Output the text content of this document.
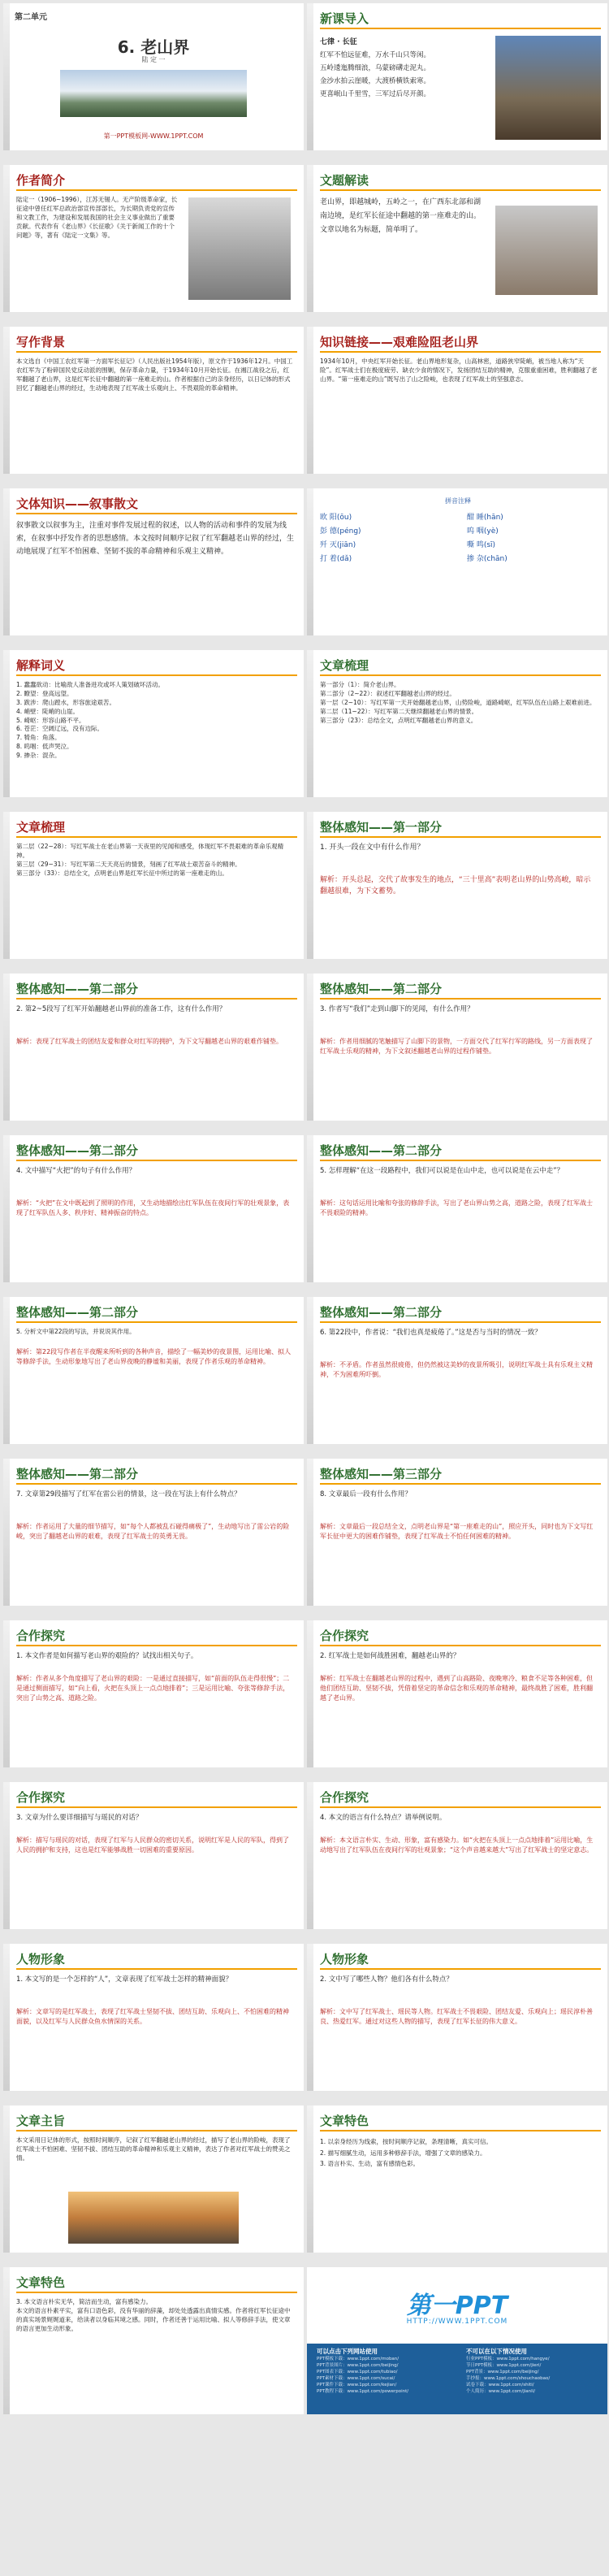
第二单元
6. 老山界
陆 定 一
第一PPT模板网-WWW.1PPT.COM
新课导入
七律 · 长征
红军不怕远征难，万水千山只等闲。
五岭逶迤腾细浪，乌蒙磅礴走泥丸。
金沙水拍云崖暖，大渡桥横铁索寒。
更喜岷山千里雪，三军过后尽开颜。
作者简介
陆定一（1906~1996），江苏无锡人。无产阶级革命家，长征途中曾任红军总政治部宣传部部长，为长期负责党的宣传和文教工作，为建设和发展我国的社会主义事业做出了重要贡献。代表作有《老山界》《长征歌》《关于新闻工作的十个问题》等，著有《陆定一文集》等。
文题解读
老山界，即越城岭，五岭之一，在广西东北部和湖南边境，是红军长征途中翻越的第一座难走的山。文章以地名为标题，简单明了。
写作背景
本文选自《中国工农红军第一方面军长征记》（人民出版社1954年版），原文作于1936年12月。中国工农红军为了粉碎国民党反动派的围剿，保存革命力量，于1934年10月开始长征。在湘江战役之后，红军翻越了老山界，这是红军长征中翻越的第一座难走的山。作者根据自己的亲身经历，以日记体的形式回忆了翻越老山界的经过，生动地表现了红军战士乐观向上、不畏艰险的革命精神。
知识链接——艰难险阻老山界
1934年10月，中央红军开始长征。老山界地形复杂，山高林密，道路狭窄陡峭，被当地人称为“天险”。红军战士们在极度疲劳、缺衣少食的情况下，发扬团结互助的精神，克服重重困难，胜利翻越了老山界。“第一座难走的山”既写出了山之险峻，也表现了红军战士的坚强意志。
文体知识——叙事散文
叙事散文以叙事为主，注重对事件发展过程的叙述，以人物的活动和事件的发展为线索，在叙事中抒发作者的思想感情。本文按时间顺序记叙了红军翻越老山界的经过，生动地展现了红军不怕困难、坚韧不拔的革命精神和乐观主义精神。
拼音注释
欧 阳(ōu)
彭 德(péng)
歼 灭(jiān)
打 着(dǎ)
酣 睡(hān)
呜 咽(yè)
嘶 鸣(sī)
掺 杂(chān)
解释词义
1. 蠢蠢欲动：比喻敌人准备进攻或坏人策划破坏活动。
2. 瞭望：登高远望。
3. 跋涉：爬山蹚水，形容旅途艰苦。
4. 峭壁：陡峭的山崖。
5. 崎岖：形容山路不平。
6. 苍茫：空阔辽远，没有边际。
7. 犄角：角落。
8. 呜咽：低声哭泣。
9. 掺杂：混杂。
文章梳理
第一部分（1）：简介老山界。
第二部分（2~22）：叙述红军翻越老山界的经过。
第一层（2~10）：写红军第一天开始翻越老山界，山势险峻，道路崎岖，红军队伍在山路上艰难前进。
第二层（11~22）：写红军第二天继续翻越老山界的情景。
第三部分（23）：总结全文，点明红军翻越老山界的意义。
文章梳理
第二层（22~28）：写红军战士在老山界第一天夜里的见闻和感受，体现红军不畏艰难的革命乐观精神。
第三层（29~31）：写红军第二天天亮后的情景，刻画了红军战士艰苦奋斗的精神。
第三部分（33）：总结全文，点明老山界是红军长征中所过的第一座难走的山。
整体感知——第一部分
1. 开头一段在文中有什么作用？
解析：开头总起，交代了故事发生的地点，“三十里高”表明老山界的山势高峻，暗示翻越很难，为下文蓄势。
整体感知——第二部分
2. 第2~5段写了红军开始翻越老山界前的准备工作，这有什么作用？
解析：表现了红军战士的团结友爱和群众对红军的拥护，为下文写翻越老山界的艰难作铺垫。
整体感知——第二部分
3. 作者写“我们”走到山脚下的见闻，有什么作用？
解析：作者用细腻的笔触描写了山脚下的景物，一方面交代了红军行军的路线，另一方面表现了红军战士乐观的精神，为下文叙述翻越老山界的过程作铺垫。
整体感知——第二部分
4. 文中描写“火把”的句子有什么作用？
解析：“火把”在文中既起到了照明的作用，又生动地描绘出红军队伍在夜间行军的壮观景象，表现了红军队伍人多、秩序好、精神振奋的特点。
整体感知——第二部分
5. 怎样理解“在这一段路程中，我们可以说是在山中走，也可以说是在云中走”？
解析：这句话运用比喻和夸张的修辞手法，写出了老山界山势之高，道路之险，表现了红军战士不畏艰险的精神。
整体感知——第二部分
5. 分析文中第22段的写法，并说说其作用。
解析：第22段写作者在半夜醒来所听到的各种声音，描绘了一幅美妙的夜景图，运用比喻、拟人等修辞手法，生动形象地写出了老山界夜晚的静谧和美丽，表现了作者乐观的革命精神。
整体感知——第二部分
6. 第22段中，作者说：“我们也真是疲倦了。”这是否与当时的情况一致？
解析：不矛盾。作者虽然很疲倦，但仍然被这美妙的夜景所吸引，说明红军战士具有乐观主义精神，不为困难所吓倒。
整体感知——第二部分
7. 文章第29段描写了红军在雷公岩的情景，这一段在写法上有什么特点？
解析：作者运用了大量的细节描写，如“每个人都被乱石碰得痛极了”，生动地写出了雷公岩的险峻，突出了翻越老山界的艰难，表现了红军战士的英勇无畏。
整体感知——第三部分
8. 文章最后一段有什么作用？
解析：文章最后一段总结全文，点明老山界是“第一座难走的山”，照应开头，同时也为下文写红军长征中更大的困难作铺垫，表现了红军战士不怕任何困难的精神。
合作探究
1. 本文作者是如何描写老山界的艰险的？试找出相关句子。
解析：作者从多个角度描写了老山界的艰险：一是通过直接描写，如“前面的队伍走得很慢”；二是通过侧面描写，如“向上看，火把在头顶上一点点地排着”；三是运用比喻、夸张等修辞手法，突出了山势之高、道路之险。
合作探究
2. 红军战士是如何战胜困难，翻越老山界的？
解析：红军战士在翻越老山界的过程中，遇到了山高路险、夜晚寒冷、粮食不足等各种困难，但他们团结互助、坚韧不拔，凭借着坚定的革命信念和乐观的革命精神，最终战胜了困难，胜利翻越了老山界。
合作探究
3. 文章为什么要详细描写与瑶民的对话？
解析：描写与瑶民的对话，表现了红军与人民群众的密切关系，说明红军是人民的军队，得到了人民的拥护和支持，这也是红军能够战胜一切困难的重要原因。
合作探究
4. 本文的语言有什么特点？请举例说明。
解析：本文语言朴实、生动、形象，富有感染力。如“火把在头顶上一点点地排着”运用比喻，生动地写出了红军队伍在夜间行军的壮观景象；“这个声音越来越大”写出了红军战士的坚定意志。
人物形象
1. 本文写的是一个怎样的“人”，文章表现了红军战士怎样的精神面貌？
解析：文章写的是红军战士，表现了红军战士坚韧不拔、团结互助、乐观向上、不怕困难的精神面貌，以及红军与人民群众鱼水情深的关系。
人物形象
2. 文中写了哪些人物？他们各有什么特点？
解析：文中写了红军战士、瑶民等人物。红军战士不畏艰险、团结友爱、乐观向上；瑶民淳朴善良、热爱红军。通过对这些人物的描写，表现了红军长征的伟大意义。
文章主旨
本文采用日记体的形式，按照时间顺序，记叙了红军翻越老山界的经过，描写了老山界的险峻，表现了红军战士不怕困难、坚韧不拔、团结互助的革命精神和乐观主义精神，表达了作者对红军战士的赞美之情。
文章特色
1. 以亲身经历为线索，按时间顺序记叙，条理清晰，真实可信。
2. 描写细腻生动，运用多种修辞手法，增强了文章的感染力。
3. 语言朴实、生动，富有感情色彩。
文章特色
3. 本文语言朴实无华，简洁而生动，富有感染力。
本文的语言朴素平实，富有口语色彩，没有华丽的辞藻，却处处透露出真情实感。作者将红军长征途中的真实场景娓娓道来，给读者以身临其境之感。同时，作者还善于运用比喻、拟人等修辞手法，使文章的语言更加生动形象。
第一PPT
HTTP://WWW.1PPT.COM
可以点击下列网站使用	不可以在以下情况使用
PPT模板下载：www.1ppt.com/moban/
PPT背景图片：www.1ppt.com/beijing/
PPT图表下载：www.1ppt.com/tubiao/
PPT素材下载：www.1ppt.com/sucai/
PPT课件下载：www.1ppt.com/kejian/
PPT教程下载：www.1ppt.com/powerpoint/
行业PPT模板：www.1ppt.com/hangye/
节日PPT模板：www.1ppt.com/jieri/
PPT背景：www.1ppt.com/beijing/
手抄报：www.1ppt.com/shouchaobao/
试卷下载：www.1ppt.com/shiti/
个人简历：www.1ppt.com/jianli/
